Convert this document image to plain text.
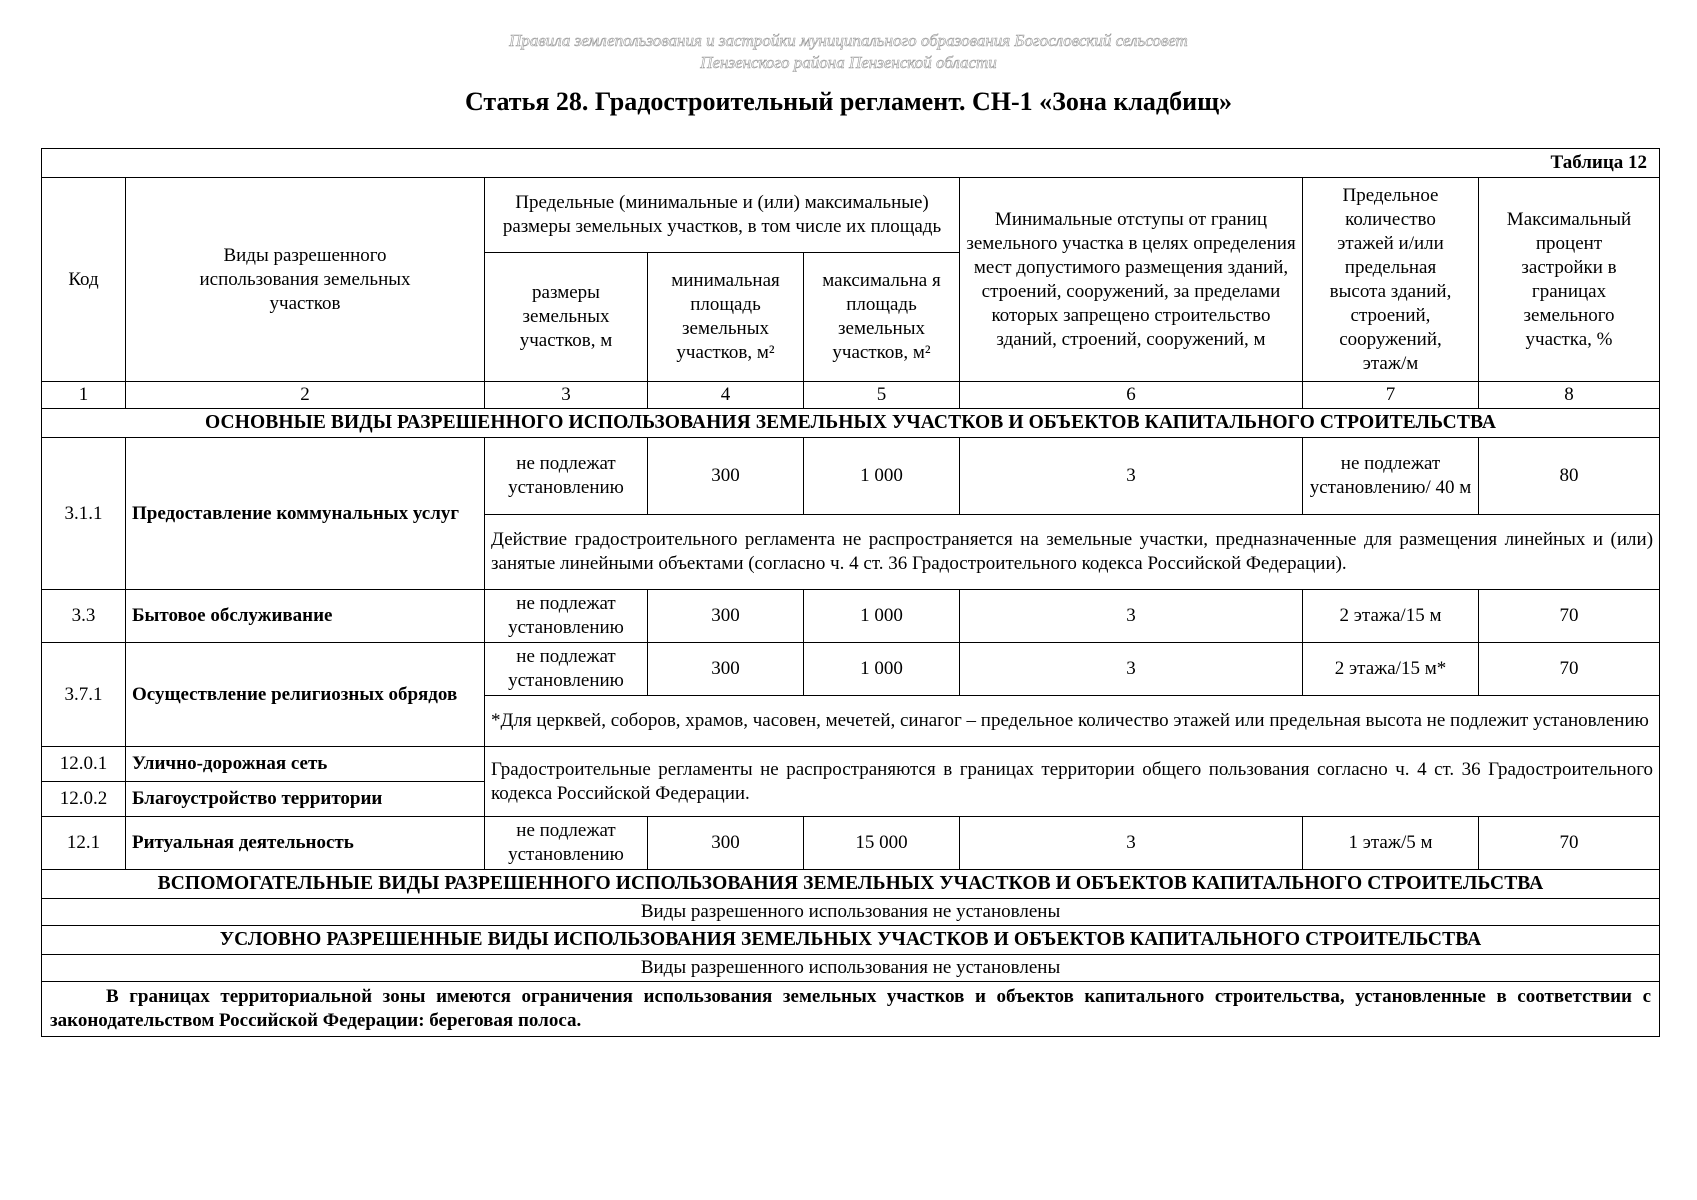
Правила землепользования и застройки муниципального образования Богословский сельсовет
Пензенского района Пензенской области
Статья 28. Градостроительный регламент. СН-1 «Зона кладбищ»
Таблица 12							
Код	Виды разрешенного использования земельных участков	Предельные (минимальные и (или) максимальные) размеры земельных участков, в том числе их площадь			Минимальные отступы от границ земельного участка в целях определения мест допустимого размещения зданий, строений, сооружений, за пределами которых запрещено строительство зданий, строений, сооружений, м	Предельное количество этажей и/или предельная высота зданий, строений, сооружений, этаж/м	Максимальный процент застройки в границах земельного участка, %
		размеры земельных участков, м	минимальная площадь земельных участков, м²	максимальна я площадь земельных участков, м²			
1	2	3	4	5	6	7	8
ОСНОВНЫЕ ВИДЫ РАЗРЕШЕННОГО ИСПОЛЬЗОВАНИЯ ЗЕМЕЛЬНЫХ УЧАСТКОВ И ОБЪЕКТОВ КАПИТАЛЬНОГО СТРОИТЕЛЬСТВА							
3.1.1	Предоставление коммунальных услуг	не подлежат установлению	300	1 000	3	не подлежат установлению/ 40 м	80
		Действие градостроительного регламента не распространяется на земельные участки, предназначенные для размещения линейных и (или) занятые линейными объектами (согласно ч. 4 ст. 36 Градостроительного кодекса Российской Федерации).					
3.3	Бытовое обслуживание	не подлежат установлению	300	1 000	3	2 этажа/15 м	70
3.7.1	Осуществление религиозных обрядов	не подлежат установлению	300	1 000	3	2 этажа/15 м*	70
		*Для церквей, соборов, храмов, часовен, мечетей, синагог – предельное количество этажей или предельная высота не подлежит установлению					
12.0.1	Улично-дорожная сеть	Градостроительные регламенты не распространяются в границах территории общего пользования согласно ч. 4 ст. 36 Градостроительного кодекса Российской Федерации.					
12.0.2	Благоустройство территории						
12.1	Ритуальная деятельность	не подлежат установлению	300	15 000	3	1 этаж/5 м	70
ВСПОМОГАТЕЛЬНЫЕ ВИДЫ РАЗРЕШЕННОГО ИСПОЛЬЗОВАНИЯ ЗЕМЕЛЬНЫХ УЧАСТКОВ И ОБЪЕКТОВ КАПИТАЛЬНОГО СТРОИТЕЛЬСТВА							
Виды разрешенного использования не установлены							
УСЛОВНО РАЗРЕШЕННЫЕ ВИДЫ ИСПОЛЬЗОВАНИЯ ЗЕМЕЛЬНЫХ УЧАСТКОВ И ОБЪЕКТОВ КАПИТАЛЬНОГО СТРОИТЕЛЬСТВА							
Виды разрешенного использования не установлены							
В границах территориальной зоны имеются ограничения использования земельных участков и объектов капитального строительства, установленные в соответствии с законодательством Российской Федерации: береговая полоса.							
